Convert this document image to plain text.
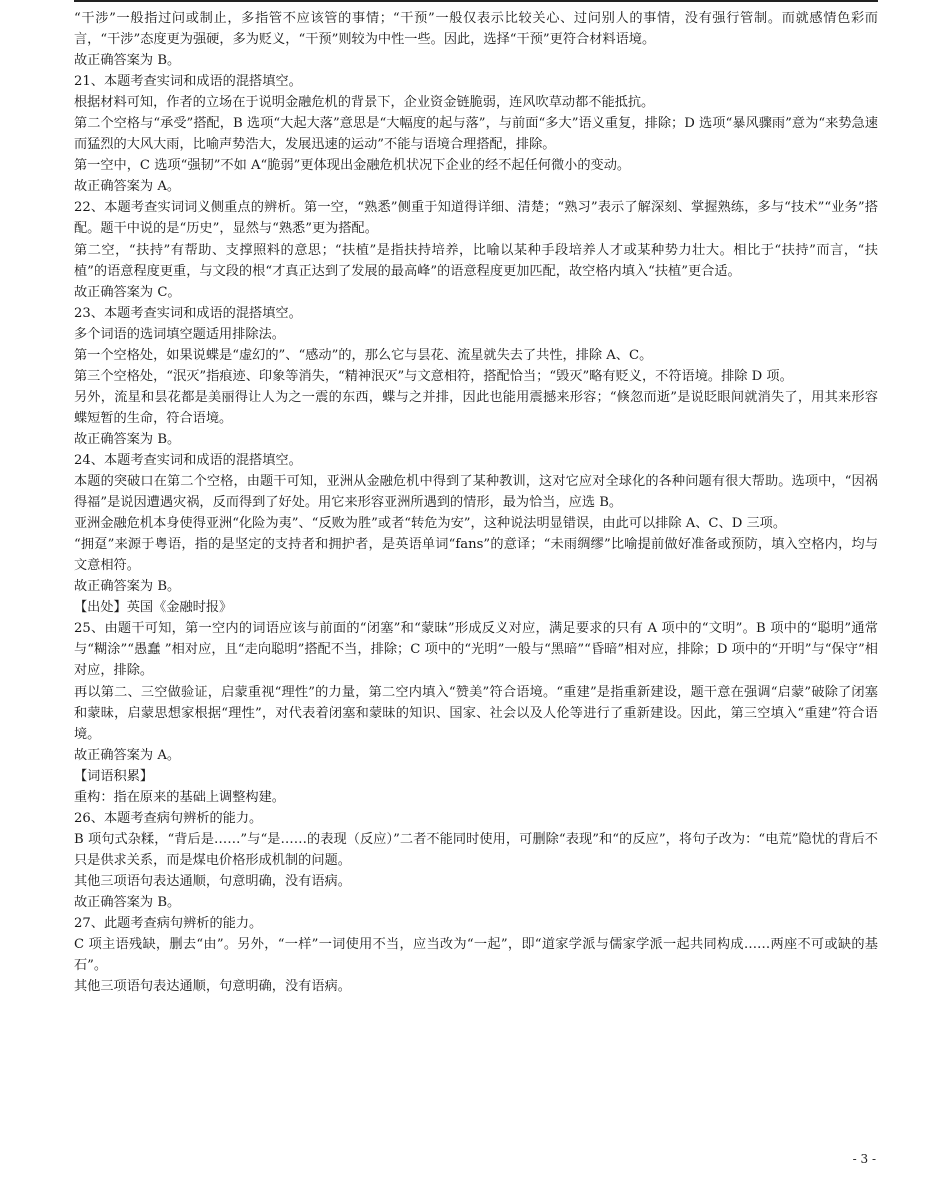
“干涉”一般指过问或制止，多指管不应该管的事情；“干预”一般仅表示比较关心、过问别人的事情，没有强行管制。而就感情色彩而言，“干涉”态度更为强硬，多为贬义，“干预”则较为中性一些。因此，选择“干预”更符合材料语境。

故正确答案为 B。

21、本题考查实词和成语的混搭填空。

根据材料可知，作者的立场在于说明金融危机的背景下，企业资金链脆弱，连风吹草动都不能抵抗。

第二个空格与“承受”搭配，B 选项“大起大落”意思是“大幅度的起与落”，与前面“多大”语义重复，排除；D 选项“暴风骤雨”意为“来势急速而猛烈的大风大雨，比喻声势浩大，发展迅速的运动”不能与语境合理搭配，排除。

第一空中，C 选项“强韧”不如 A“脆弱”更体现出金融危机状况下企业的经不起任何微小的变动。

故正确答案为 A。

22、本题考查实词词义侧重点的辨析。第一空，“熟悉”侧重于知道得详细、清楚；“熟习”表示了解深刻、掌握熟练，多与“技术”“业务”搭配。题干中说的是“历史”，显然与“熟悉”更为搭配。

第二空，“扶持”有帮助、支撑照料的意思；“扶植”是指扶持培养，比喻以某种手段培养人才或某种势力壮大。相比于“扶持”而言，“扶植”的语意程度更重，与文段的根“才真正达到了发展的最高峰”的语意程度更加匹配，故空格内填入“扶植”更合适。

故正确答案为 C。

23、本题考查实词和成语的混搭填空。

多个词语的选词填空题适用排除法。

第一个空格处，如果说蝶是“虚幻的”、“感动”的，那么它与昙花、流星就失去了共性，排除 A、C。

第三个空格处，“泯灭”指痕迹、印象等消失，“精神泯灭”与文意相符，搭配恰当；“毁灭”略有贬义，不符语境。排除 D 项。

另外，流星和昙花都是美丽得让人为之一震的东西，蝶与之并排，因此也能用震撼来形容；“倏忽而逝”是说眨眼间就消失了，用其来形容蝶短暂的生命，符合语境。

故正确答案为 B。

24、本题考查实词和成语的混搭填空。

本题的突破口在第二个空格，由题干可知，亚洲从金融危机中得到了某种教训，这对它应对全球化的各种问题有很大帮助。选项中，“因祸得福”是说因遭遇灾祸，反而得到了好处。用它来形容亚洲所遇到的情形，最为恰当，应选 B。

亚洲金融危机本身使得亚洲“化险为夷”、“反败为胜”或者“转危为安”，这种说法明显错误，由此可以排除 A、C、D 三项。

“拥趸”来源于粤语，指的是坚定的支持者和拥护者，是英语单词“fans”的意译；“未雨绸缪”比喻提前做好准备或预防，填入空格内，均与文意相符。

故正确答案为 B。

【出处】英国《金融时报》

25、由题干可知，第一空内的词语应该与前面的“闭塞”和“蒙昧”形成反义对应，满足要求的只有 A 项中的“文明”。B 项中的“聪明”通常与“糊涂”“愚蠢 ”相对应，且“走向聪明”搭配不当，排除；C 项中的“光明”一般与“黑暗”“昏暗”相对应，排除；D 项中的“开明”与“保守”相对应，排除。

再以第二、三空做验证，启蒙重视“理性”的力量，第二空内填入“赞美”符合语境。“重建”是指重新建设，题干意在强调“启蒙”破除了闭塞和蒙昧，启蒙思想家根据“理性”，对代表着闭塞和蒙昧的知识、国家、社会以及人伦等进行了重新建设。因此，第三空填入“重建”符合语境。

故正确答案为 A。

【词语积累】

重构：指在原来的基础上调整构建。

26、本题考查病句辨析的能力。

B 项句式杂糅，“背后是……”与“是……的表现（反应）”二者不能同时使用，可删除“表现”和“的反应”，将句子改为：“电荒”隐忧的背后不只是供求关系，而是煤电价格形成机制的问题。

其他三项语句表达通顺，句意明确，没有语病。

故正确答案为 B。

27、此题考查病句辨析的能力。

C 项主语残缺，删去“由”。另外，“一样”一词使用不当，应当改为“一起”，即“道家学派与儒家学派一起共同构成……两座不可或缺的基石”。

其他三项语句表达通顺，句意明确，没有语病。

- 3 -
